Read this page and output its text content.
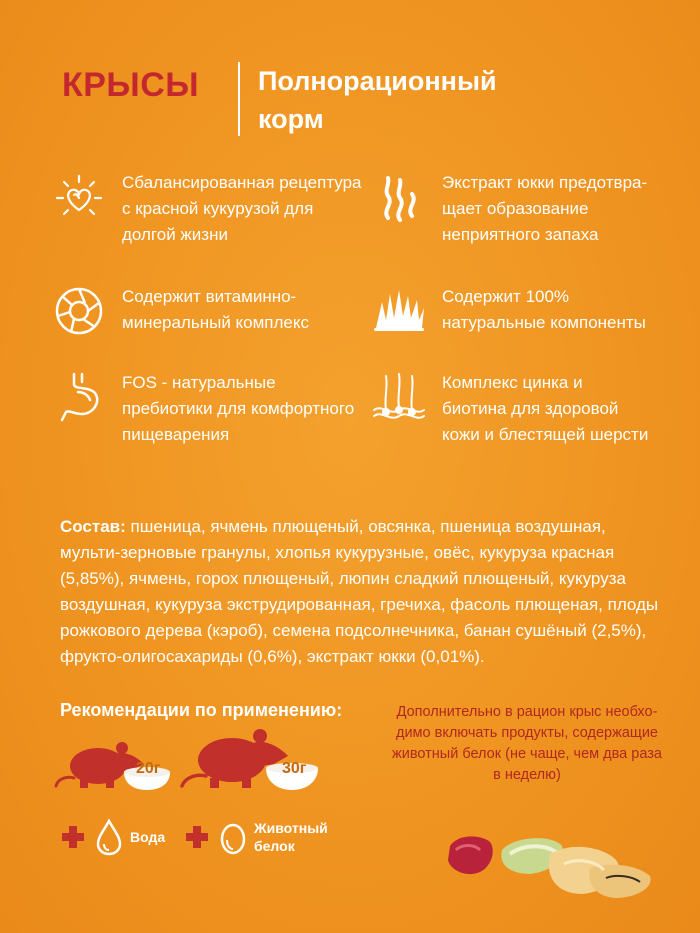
КРЫСЫ Полнорационный
корм
Сбалансированная рецептура
с красной кукурузой для
долгой жизни
Экстракт юкки предотвра-
щает образование
неприятного запаха
Содержит витаминно-
минеральный комплекс
Содержит 100%
натуральные компоненты
FOS - натуральные
пребиотики для комфортного
пищеварения
Комплекс цинка и
биотина для здоровой
кожи и блестящей шерсти
Состав: пшеница, ячмень плющеный, овсянка, пшеница воздушная, мульти-зерновые гранулы, хлопья кукурузные, овёс, кукуруза красная (5,85%), ячмень, горох плющеный, люпин сладкий плющеный, кукуруза воздушная, кукуруза экструдированная, гречиха, фасоль плющеная, плоды рожкового дерева (кэроб), семена подсолнечника, банан сушёный (2,5%), фрукто-олигосахариды (0,6%), экстракт юкки (0,01%).
Рекомендации по применению:
20г	30г
Дополнительно в рацион крыс необхо-
димо включать продукты, содержащие
животный белок (не чаще, чем два раза
в неделю)
Вода
Животный
белок
